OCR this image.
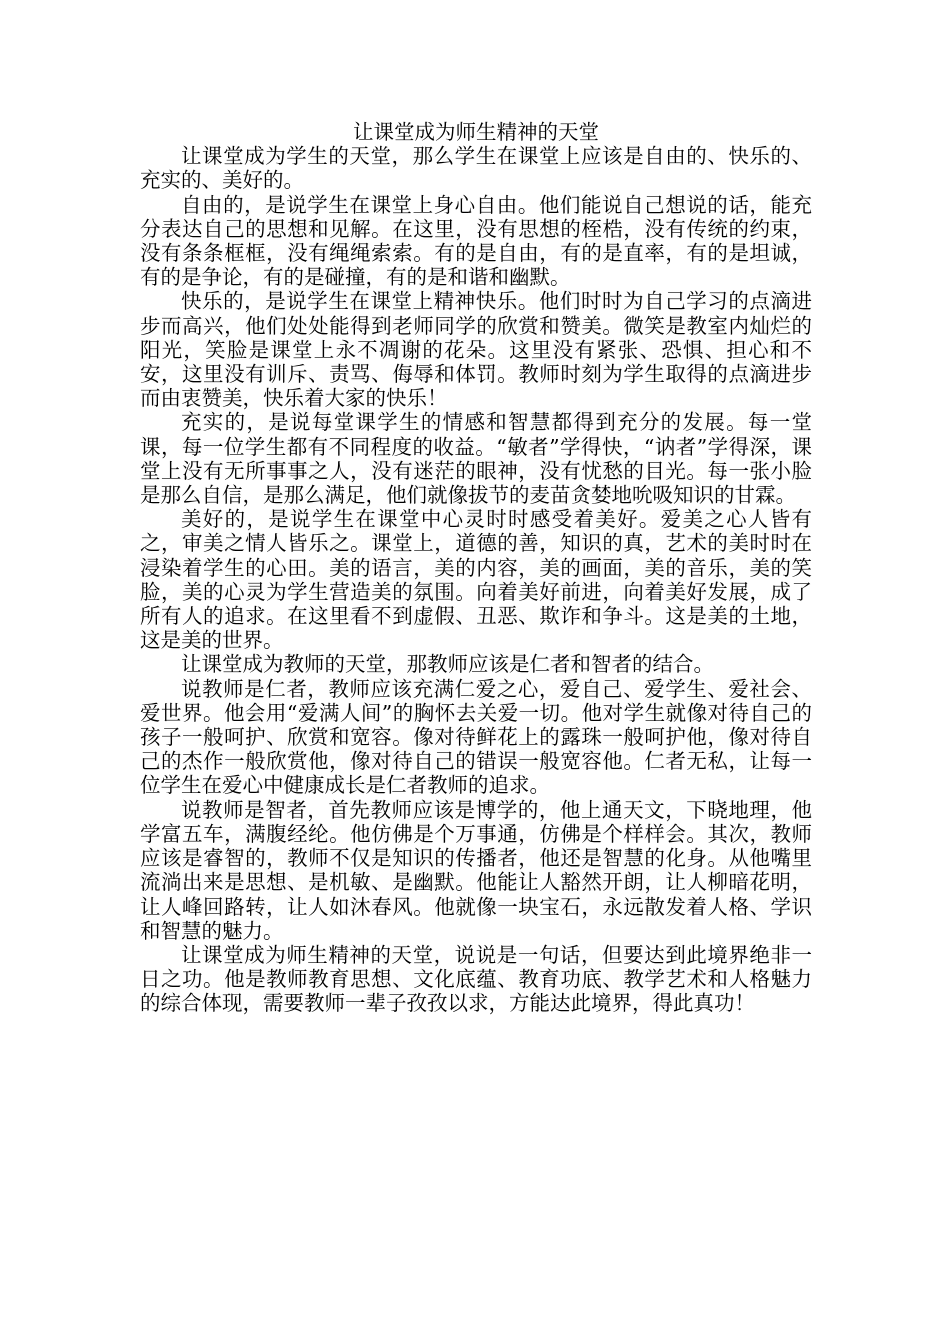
让课堂成为师生精神的天堂

让课堂成为学生的天堂，那么学生在课堂上应该是自由的、快乐的、充实的、美好的。

自由的，是说学生在课堂上身心自由。他们能说自己想说的话，能充分表达自己的思想和见解。在这里，没有思想的桎梏，没有传统的约束，没有条条框框，没有绳绳索索。有的是自由，有的是直率，有的是坦诚，有的是争论，有的是碰撞，有的是和谐和幽默。

快乐的，是说学生在课堂上精神快乐。他们时时为自己学习的点滴进步而高兴，他们处处能得到老师同学的欣赏和赞美。微笑是教室内灿烂的阳光，笑脸是课堂上永不凋谢的花朵。这里没有紧张、恐惧、担心和不安，这里没有训斥、责骂、侮辱和体罚。教师时刻为学生取得的点滴进步而由衷赞美，快乐着大家的快乐！

充实的，是说每堂课学生的情感和智慧都得到充分的发展。每一堂课，每一位学生都有不同程度的收益。“敏者”学得快，“讷者”学得深，课堂上没有无所事事之人，没有迷茫的眼神，没有忧愁的目光。每一张小脸是那么自信，是那么满足，他们就像拔节的麦苗贪婪地吮吸知识的甘霖。

美好的，是说学生在课堂中心灵时时感受着美好。爱美之心人皆有之，审美之情人皆乐之。课堂上，道德的善，知识的真，艺术的美时时在浸染着学生的心田。美的语言，美的内容，美的画面，美的音乐，美的笑脸，美的心灵为学生营造美的氛围。向着美好前进，向着美好发展，成了所有人的追求。在这里看不到虚假、丑恶、欺诈和争斗。这是美的土地，这是美的世界。

让课堂成为教师的天堂，那教师应该是仁者和智者的结合。

说教师是仁者，教师应该充满仁爱之心，爱自己、爱学生、爱社会、爱世界。他会用“爱满人间”的胸怀去关爱一切。他对学生就像对待自己的孩子一般呵护、欣赏和宽容。像对待鲜花上的露珠一般呵护他，像对待自己的杰作一般欣赏他，像对待自己的错误一般宽容他。仁者无私，让每一位学生在爱心中健康成长是仁者教师的追求。

说教师是智者，首先教师应该是博学的，他上通天文，下晓地理，他学富五车，满腹经纶。他仿佛是个万事通，仿佛是个样样会。其次，教师应该是睿智的，教师不仅是知识的传播者，他还是智慧的化身。从他嘴里流淌出来是思想、是机敏、是幽默。他能让人豁然开朗，让人柳暗花明，让人峰回路转，让人如沐春风。他就像一块宝石，永远散发着人格、学识和智慧的魅力。

让课堂成为师生精神的天堂，说说是一句话，但要达到此境界绝非一日之功。他是教师教育思想、文化底蕴、教育功底、教学艺术和人格魅力的综合体现，需要教师一辈子孜孜以求，方能达此境界，得此真功！
